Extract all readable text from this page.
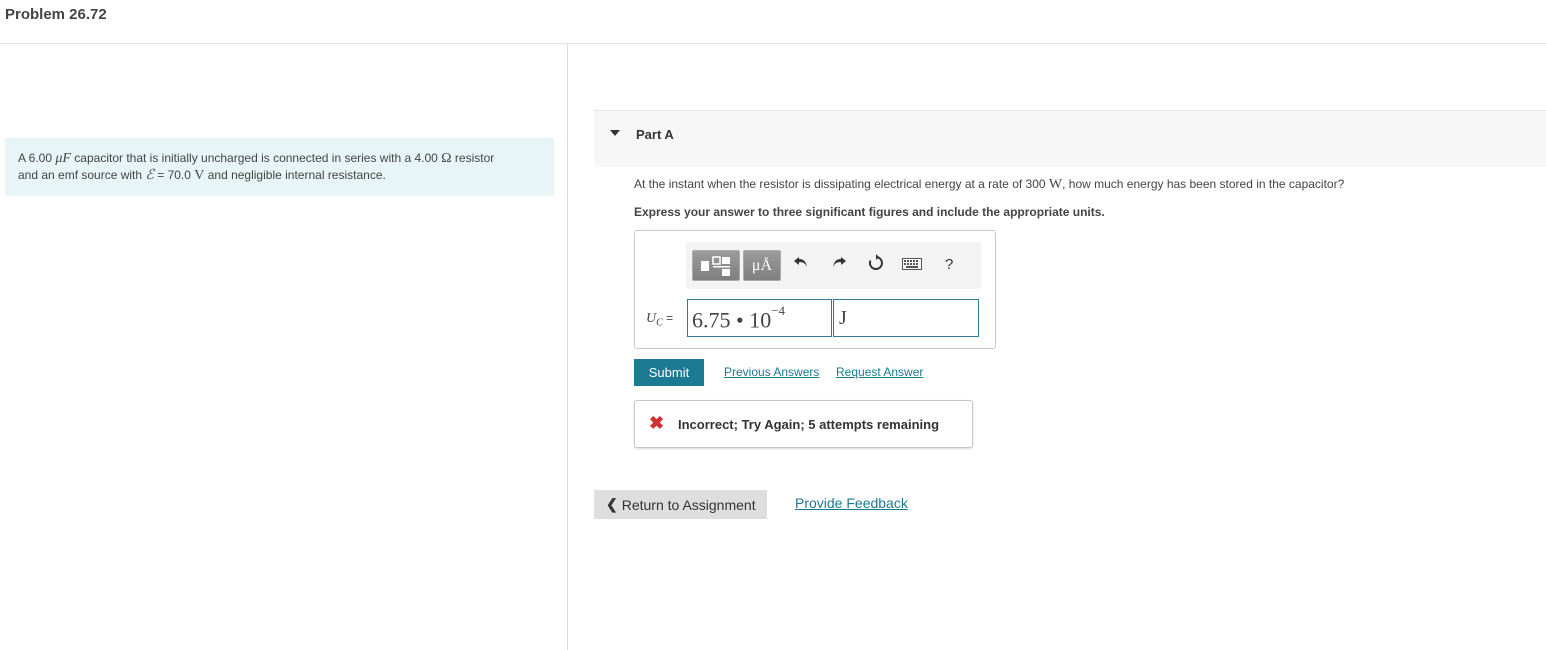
Problem 26.72
A 6.00 μF capacitor that is initially uncharged is connected in series with a 4.00 Ω resistor
and an emf source with ℰ = 70.0 V and negligible internal resistance.
Part A
At the instant when the resistor is dissipating electrical energy at a rate of 300 W, how much energy has been stored in the capacitor?
Express your answer to three significant figures and include the appropriate units.
μÅ	?
$U_C = 6.75$ • $10^{-4}$	J
Submit	Previous Answers Request Answer
✖ Incorrect; Try Again; 5 attempts remaining
❮ Return to Assignment	Provide Feedback
